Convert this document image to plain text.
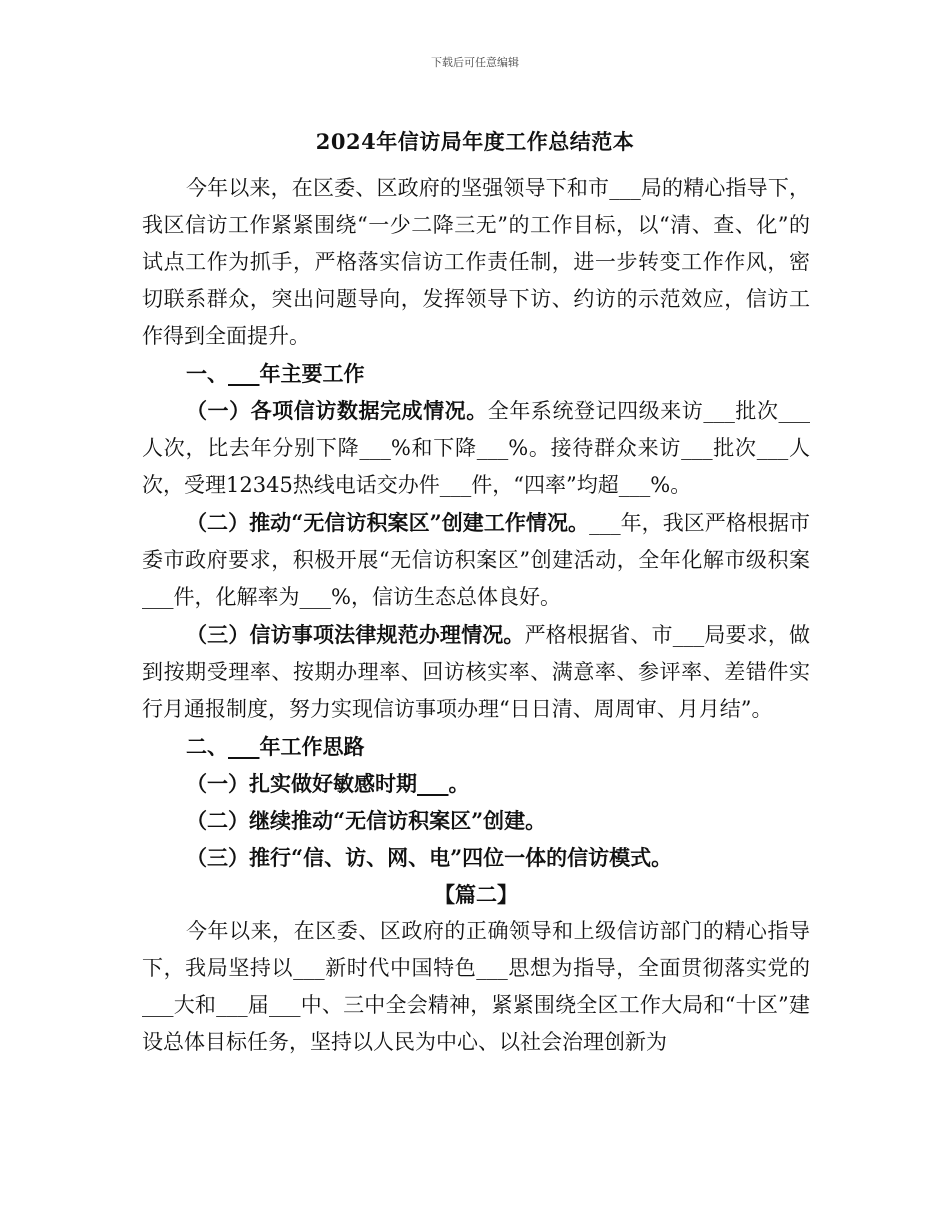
下载后可任意编辑
2024年信访局年度工作总结范本

今年以来，在区委、区政府的坚强领导下和市___局的精心指导下，我区信访工作紧紧围绕“一少二降三无”的工作目标，以“清、查、化”的试点工作为抓手，严格落实信访工作责任制，进一步转变工作作风，密切联系群众，突出问题导向，发挥领导下访、约访的示范效应，信访工作得到全面提升。

一、___年主要工作

（一）各项信访数据完成情况。全年系统登记四级来访___批次___人次，比去年分别下降___%和下降___%。接待群众来访___批次___人次，受理12345热线电话交办件___件，“四率”均超___%。

（二）推动“无信访积案区”创建工作情况。___年，我区严格根据市委市政府要求，积极开展“无信访积案区”创建活动，全年化解市级积案___件，化解率为___%，信访生态总体良好。

（三）信访事项法律规范办理情况。严格根据省、市___局要求，做到按期受理率、按期办理率、回访核实率、满意率、参评率、差错件实行月通报制度，努力实现信访事项办理“日日清、周周审、月月结”。

二、___年工作思路

（一）扎实做好敏感时期___。

（二）继续推动“无信访积案区”创建。

（三）推行“信、访、网、电”四位一体的信访模式。

【篇二】

今年以来，在区委、区政府的正确领导和上级信访部门的精心指导下，我局坚持以___新时代中国特色___思想为指导，全面贯彻落实党的___大和___届___中、三中全会精神，紧紧围绕全区工作大局和“十区”建设总体目标任务，坚持以人民为中心、以社会治理创新为
